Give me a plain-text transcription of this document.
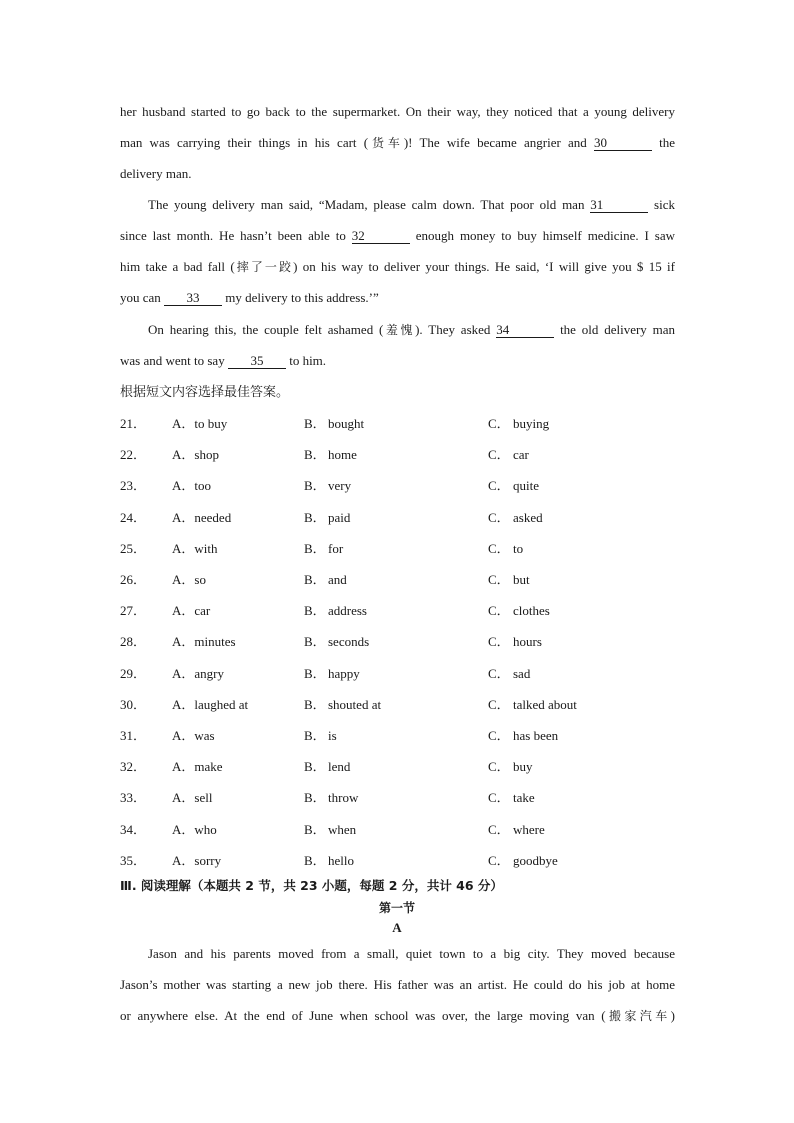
her husband started to go back to the supermarket. On their way, they noticed that a young delivery
man was carrying their things in his cart (货车)! The wife became angrier and 30	the
delivery man.
The young delivery man said, “Madam, please calm down. That poor old man 31	sick
since last month. He hasn’t been able to 32	enough money to buy himself medicine. I saw
him take a bad fall (摔了一跤) on his way to deliver your things. He said, ‘I will give you $ 15 if
you can 33 my delivery to this address.’”
On hearing this, the couple felt ashamed (羞愧). They asked 34	the old delivery man
was and went to say 35 to him.
根据短文内容选择最佳答案。
21． A．to buy	B． bought	C． buying
22． A．shop	B． home	C． car
23． A．too	B． very	C． quite
24． A．needed	B． paid	C． asked
25． A．with	B． for	C． to
26． A．so	B． and	C． but
27． A．car	B． address	C． clothes
28． A．minutes	B． seconds	C． hours
29． A．angry	B． happy	C． sad
30． A．laughed at	B． shouted at	C． talked about
31． A．was	B． is	C． has been
32． A．make	B． lend	C． buy
33． A．sell	B． throw	C． take
34． A．who	B． when	C． where
35． A．sorry	B． hello	C． goodbye
Ⅲ. 阅读理解（本题共 2 节，共 23 小题，每题 2 分，共计 46 分）
第一节
A
Jason and his parents moved from a small, quiet town to a big city. They moved because
Jason’s mother was starting a new job there. His father was an artist. He could do his job at home
or anywhere else. At the end of June when school was over, the large moving van (搬家汽车)
